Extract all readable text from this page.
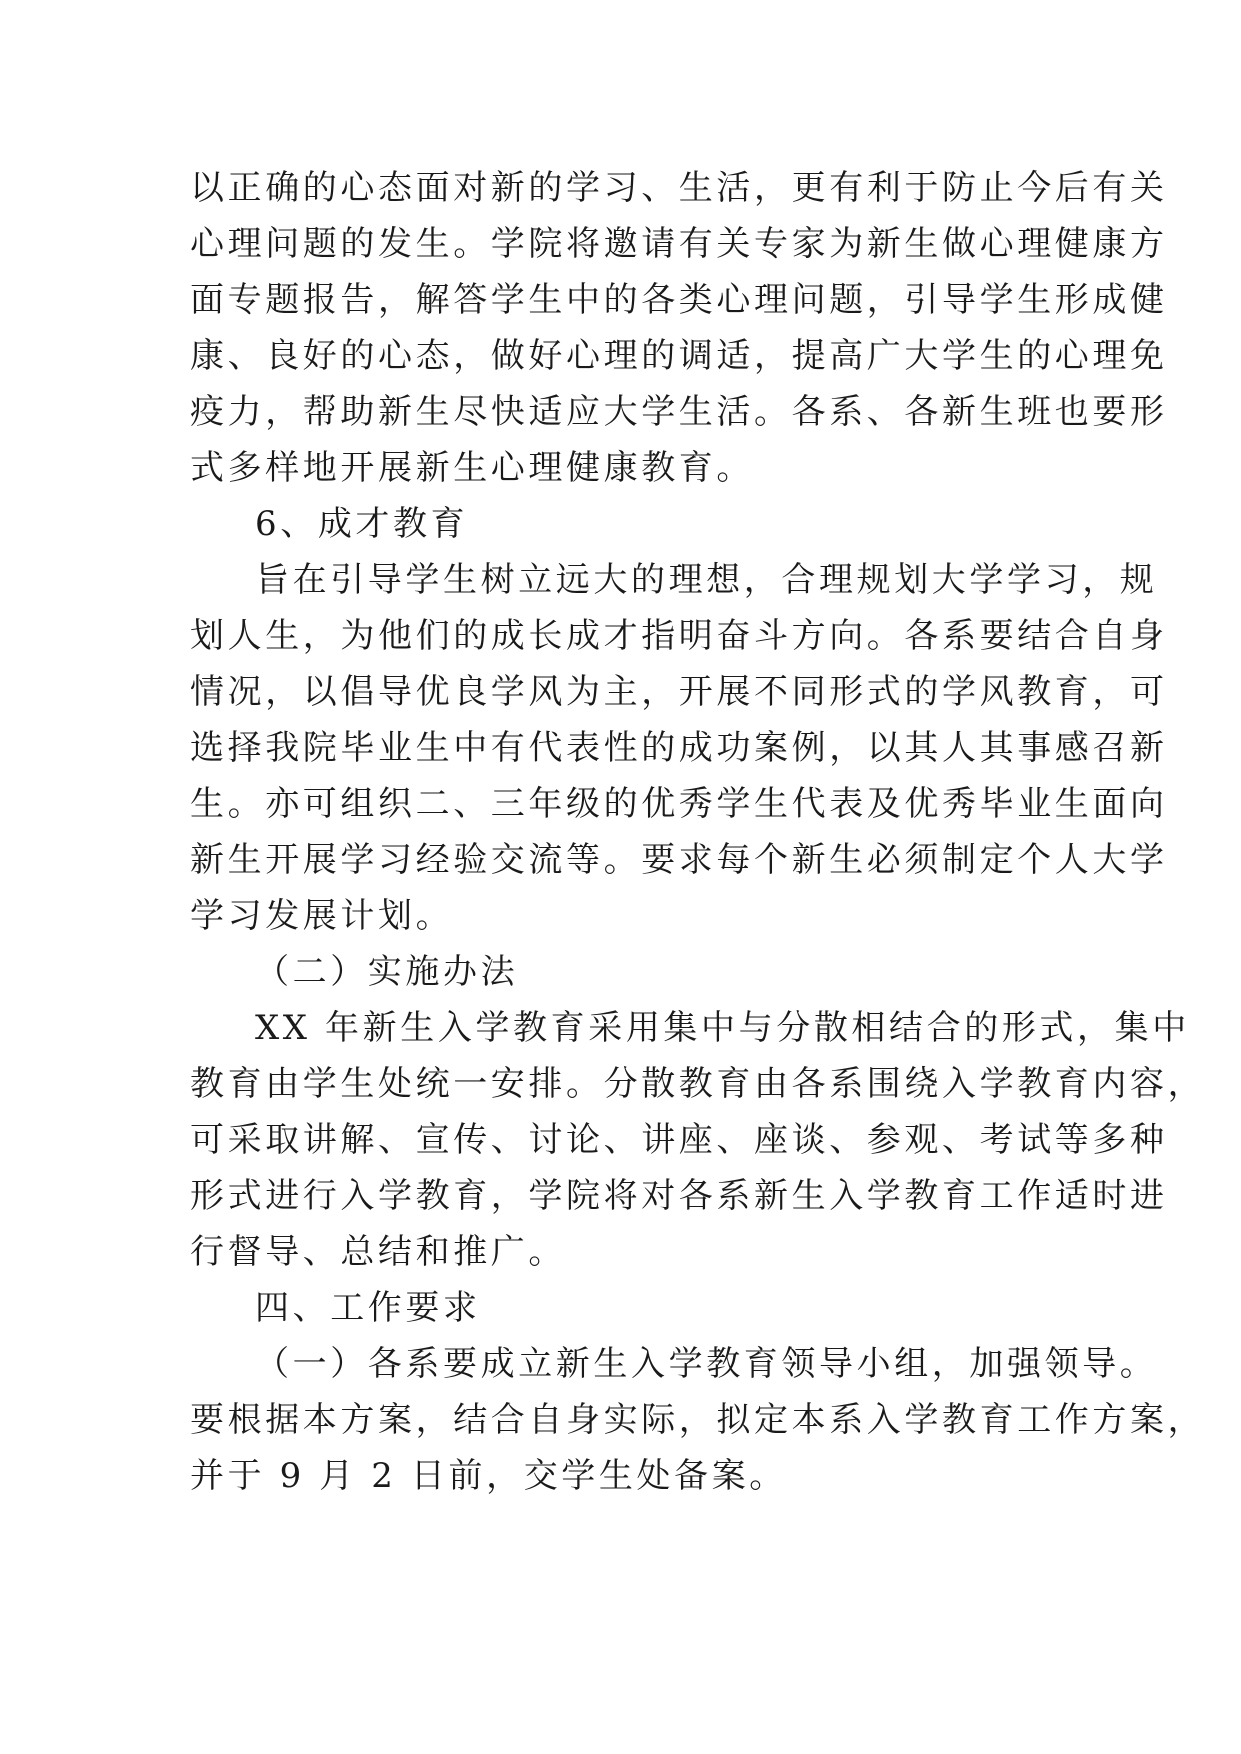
以正确的心态面对新的学习、生活，更有利于防止今后有关
心理问题的发生。学院将邀请有关专家为新生做心理健康方
面专题报告，解答学生中的各类心理问题，引导学生形成健
康、良好的心态，做好心理的调适，提高广大学生的心理免
疫力，帮助新生尽快适应大学生活。各系、各新生班也要形
式多样地开展新生心理健康教育。
6、成才教育
旨在引导学生树立远大的理想，合理规划大学学习，规
划人生，为他们的成长成才指明奋斗方向。各系要结合自身
情况，以倡导优良学风为主，开展不同形式的学风教育，可
选择我院毕业生中有代表性的成功案例，以其人其事感召新
生。亦可组织二、三年级的优秀学生代表及优秀毕业生面向
新生开展学习经验交流等。要求每个新生必须制定个人大学
学习发展计划。
（二）实施办法
XX 年新生入学教育采用集中与分散相结合的形式，集中
教育由学生处统一安排。分散教育由各系围绕入学教育内容，
可采取讲解、宣传、讨论、讲座、座谈、参观、考试等多种
形式进行入学教育，学院将对各系新生入学教育工作适时进
行督导、总结和推广。
四、工作要求
（一）各系要成立新生入学教育领导小组，加强领导。
要根据本方案，结合自身实际，拟定本系入学教育工作方案，
并于 9 月 2 日前，交学生处备案。
